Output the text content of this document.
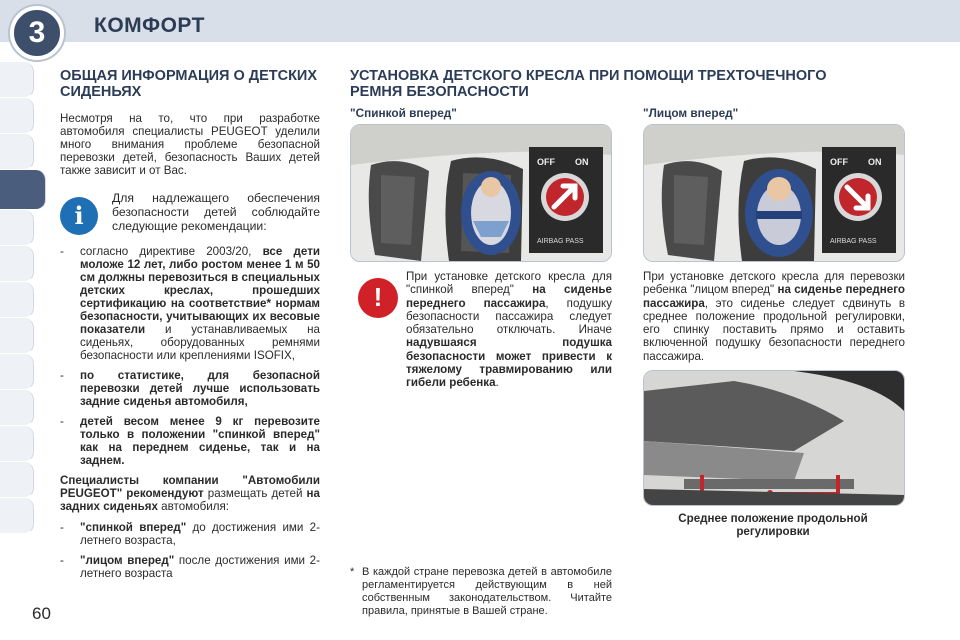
3	КОМФОРТ
60
ОБЩАЯ ИНФОРМАЦИЯ О ДЕТСКИХ СИДЕНЬЯХ

Несмотря на то, что при разработке автомобиля специалисты PEUGEOT уделили много внимания проблеме безопасной перевозки детей, безопасность Ваших детей также зависит и от Вас.

i
Для надлежащего обеспечения безопасности детей соблюдайте следующие рекомендации:
- согласно директиве 2003/20, все дети моложе 12 лет, либо ростом менее 1 м 50 см должны перевозиться в специальных детских креслах, прошедших сертификацию на соответствие* нормам безопасности, учитывающих их весовые показатели и устанавливаемых на сиденьях, оборудованных ремнями безопасности или креплениями ISOFIX,
- по статистике, для безопасной перевозки детей лучше использовать задние сиденья автомобиля,
- детей весом менее 9 кг перевозите только в положении "спинкой вперед" как на переднем сиденье, так и на заднем.

Специалисты компании "Автомобили PEUGEOT" рекомендуют размещать детей на задних сиденьях автомобиля:

- "спинкой вперед" до достижения ими 2-летнего возраста,
- "лицом вперед" после достижения ими 2-летнего возраста
УСТАНОВКА ДЕТСКОГО КРЕСЛА ПРИ ПОМОЩИ ТРЕХТОЧЕЧНОГО РЕМНЯ БЕЗОПАСНОСТИ
"Спинкой вперед"	"Лицом вперед"
OFF ON
AIRBAG PASS
OFF ON
AIRBAG PASS
!
При установке детского кресла для "спинкой вперед" на сиденье переднего пассажира, подушку безопасности пассажира следует обязательно отключать. Иначе надувшаяся подушка безопасности может привести к тяжелому травмированию или гибели ребенка.
При установке детского кресла для перевозки ребенка "лицом вперед" на сиденье переднего пассажира, это сиденье следует сдвинуть в среднее положение продольной регулировки, его спинку поставить прямо и оставить включенной подушку безопасности переднего пассажира.
Среднее положение продольной регулировки
* В каждой стране перевозка детей в автомобиле регламентируется действующим в ней собственным законодательством. Читайте правила, принятые в Вашей стране.
